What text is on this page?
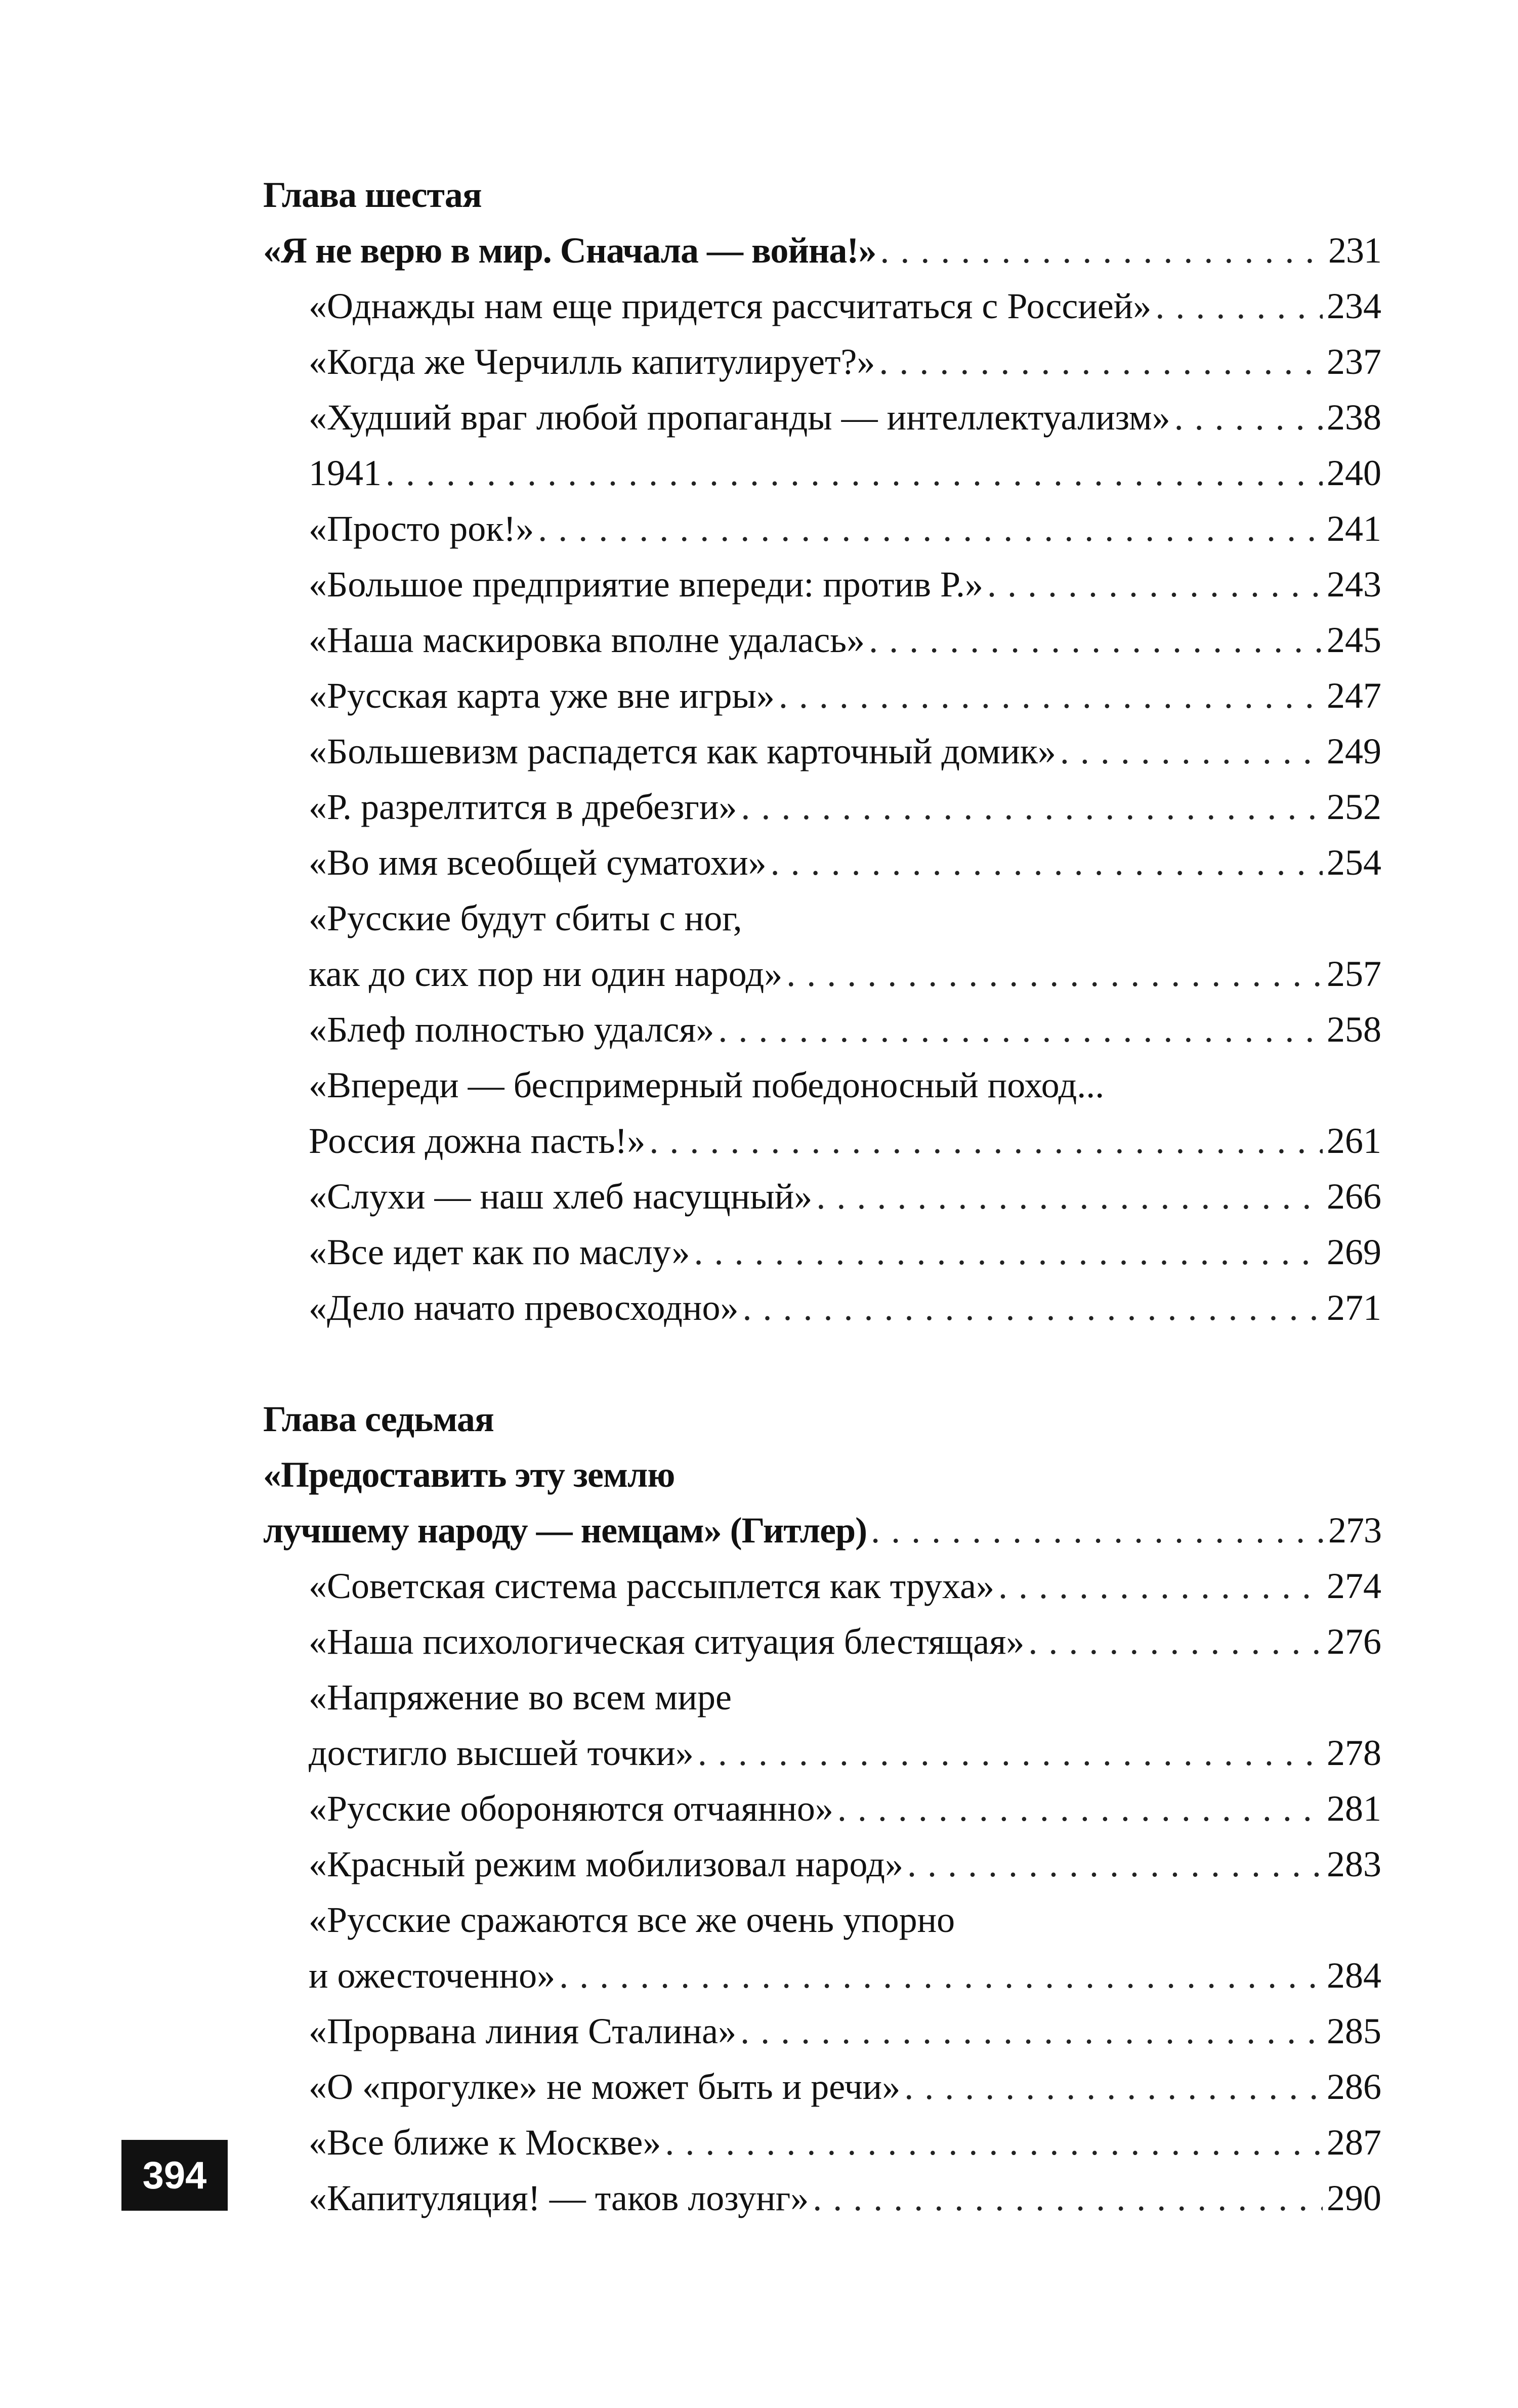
Глава шестая
«Я не верю в мир. Сначала — война!» . . .	231
«Однажды нам еще придется рассчитаться с Россией» . . .	234
«Когда же Черчилль капитулирует?» . . .	237
«Худший враг любой пропаганды — интеллектуализм» . . .	238
1941 . . .	240
«Просто рок!» . . .	241
«Большое предприятие впереди: против Р.» . . .	243
«Наша маскировка вполне удалась» . . .	245
«Русская карта уже вне игры» . . .	247
«Большевизм распадется как карточный домик» . . .	249
«Р. разрелтится в дребезги» . . .	252
«Во имя всеобщей суматохи» . . .	254
«Русские будут сбиты с ног,
как до сих пор ни один народ» . . .	257
«Блеф полностью удался» . . .	258
«Впереди — беспримерный победоносный поход...
Россия дожна пасть!» . . .	261
«Слухи — наш хлеб насущный» . . .	266
«Все идет как по маслу» . . .	269
«Дело начато превосходно» . . .	271
Глава седьмая
«Предоставить эту землю
лучшему народу — немцам» (Гитлер) . . .	273
«Советская система рассыплется как труха» . . .	274
«Наша психологическая ситуация блестящая» . . .	276
«Напряжение во всем мире
достигло высшей точки» . . .	278
«Русские обороняются отчаянно» . . .	281
«Красный режим мобилизовал народ» . . .	283
«Русские сражаются все же очень упорно
и ожесточенно» . . .	284
«Прорвана линия Сталина» . . .	285
«О «прогулке» не может быть и речи» . . .	286
«Все ближе к Москве» . . .	287
«Капитуляция! — таков лозунг» . . .	290
394
